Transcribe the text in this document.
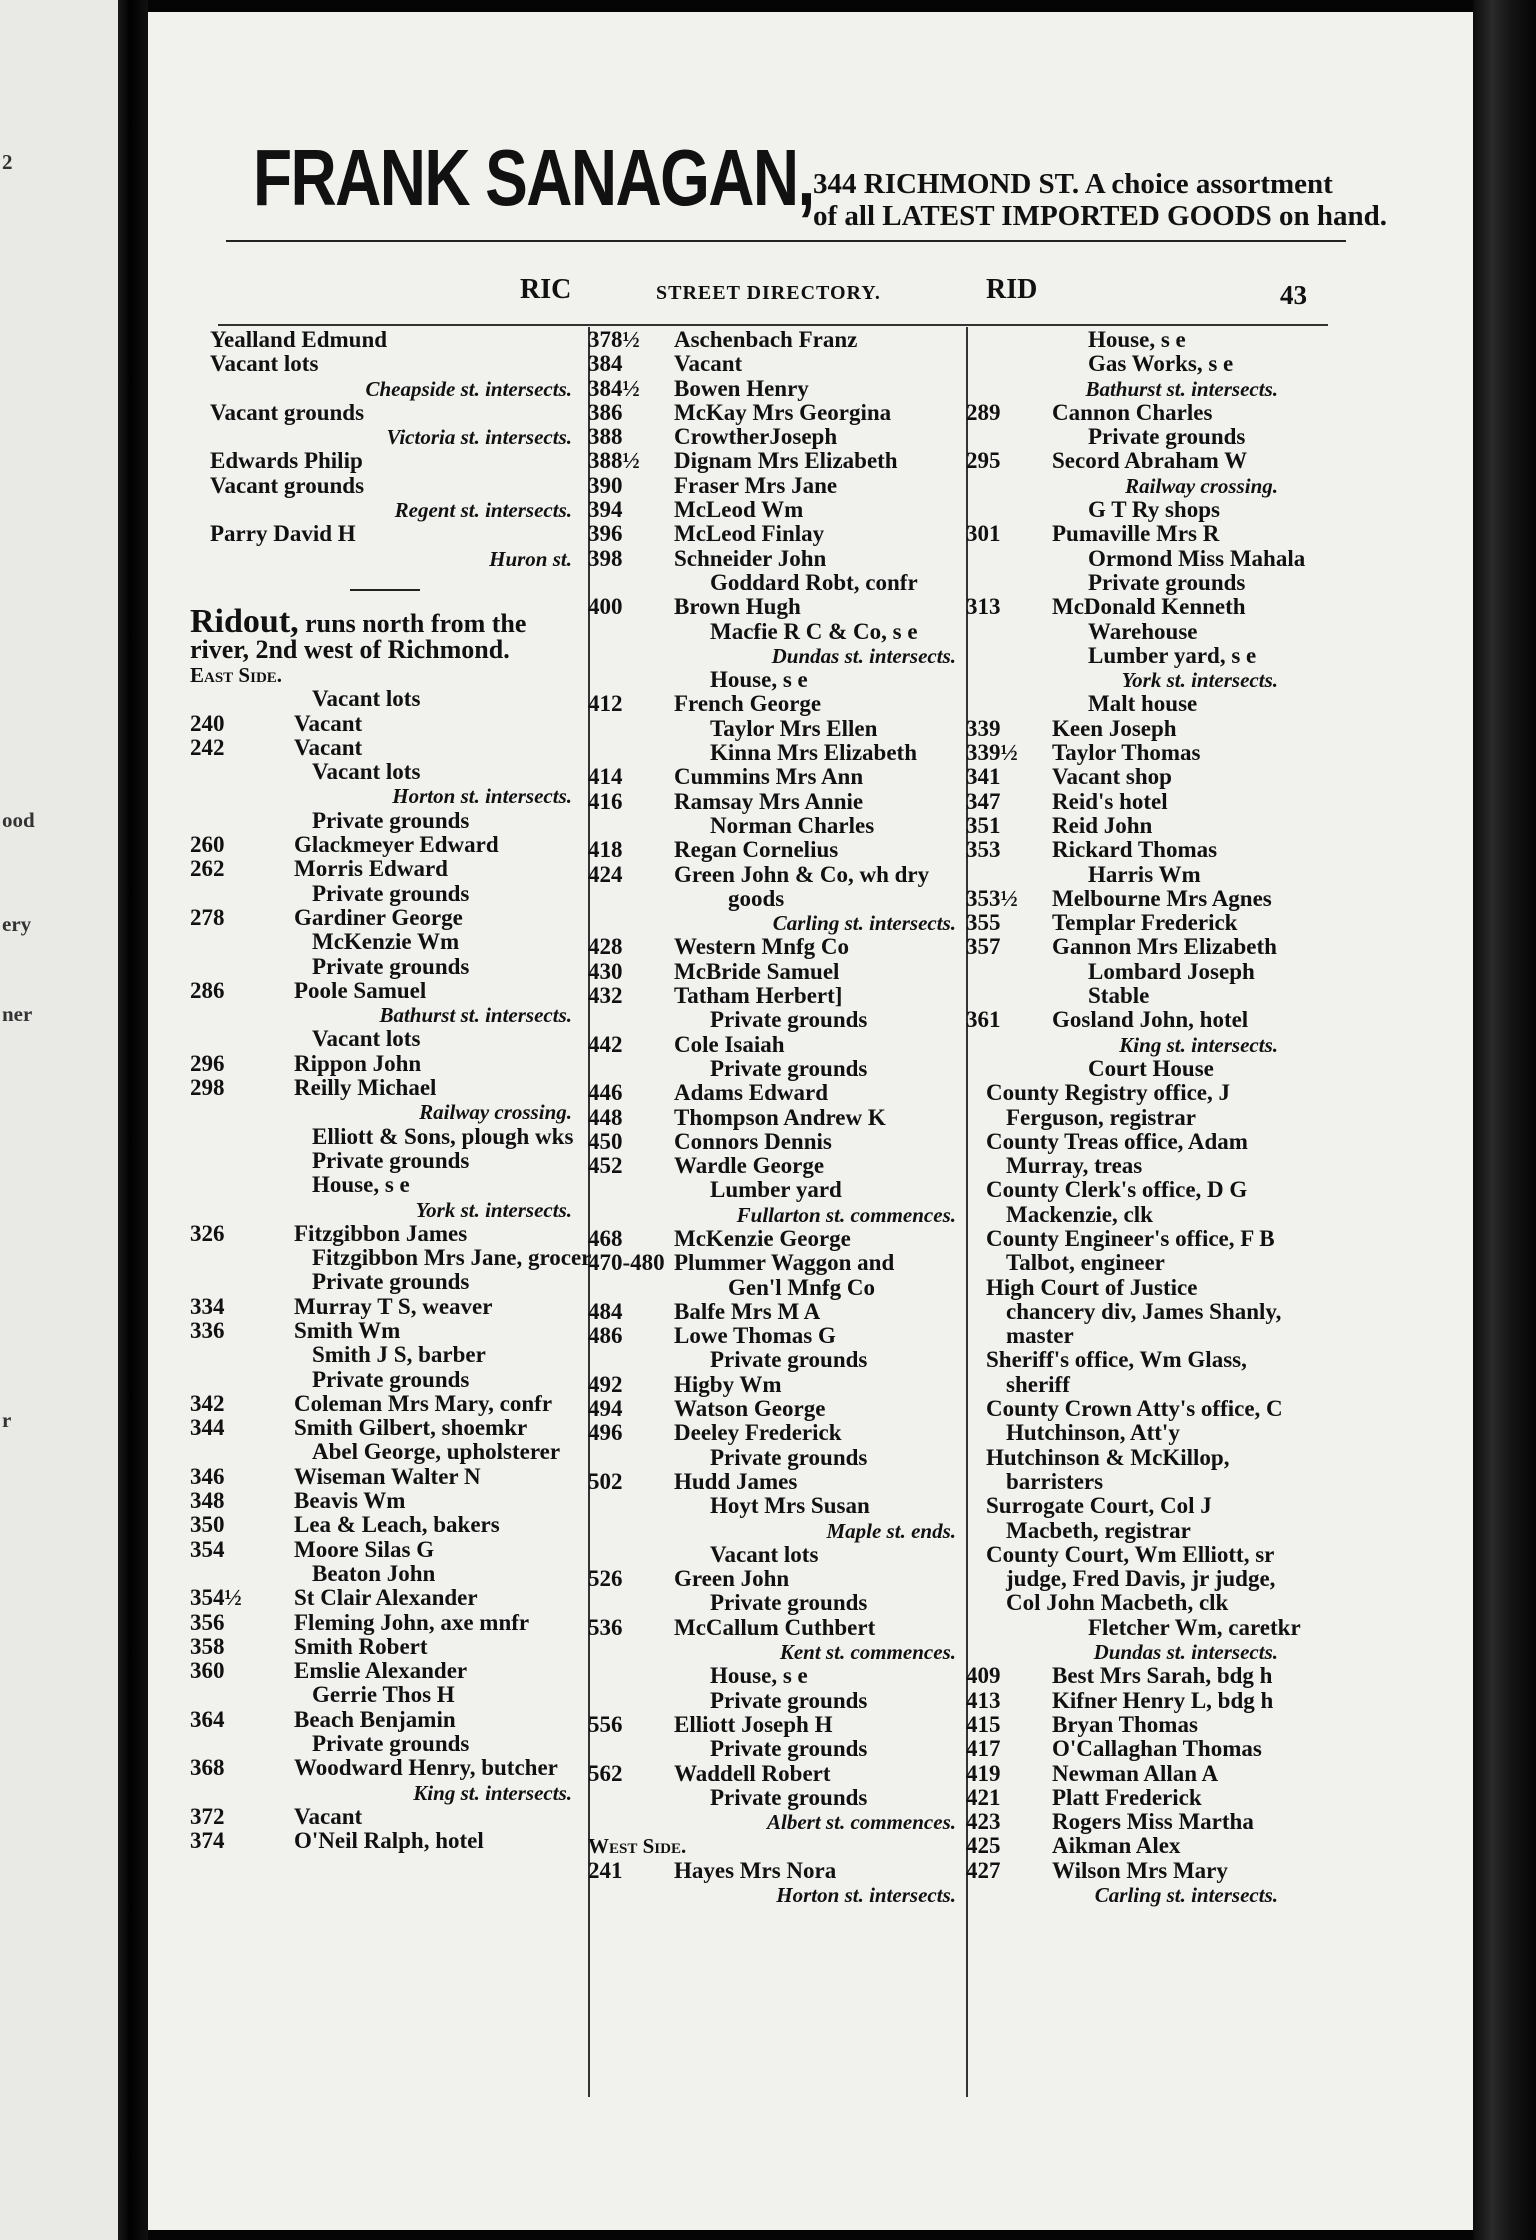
2
ood
ery
ner
r
FRANK SANAGAN, 344 RICHMOND ST. A choice assortment
of all LATEST IMPORTED GOODS on hand.
RIC	STREET DIRECTORY.	RID	43
Yealland Edmund
Vacant lots
Cheapside st. intersects.
Vacant grounds
Victoria st. intersects.
Edwards Philip
Vacant grounds
Regent st. intersects.
Parry David H
Huron st.
Ridout, runs north from the river, 2nd west of Richmond.
East Side.
Vacant lots
240	Vacant
242	Vacant
Vacant lots
Horton st. intersects.
Private grounds
260	Glackmeyer Edward
262	Morris Edward
Private grounds
278	Gardiner George
McKenzie Wm
Private grounds
286	Poole Samuel
Bathurst st. intersects.
Vacant lots
296	Rippon John
298	Reilly Michael
Railway crossing.
Elliott & Sons, plough wks
Private grounds
House, s e
York st. intersects.
326	Fitzgibbon James
Fitzgibbon Mrs Jane, grocer
Private grounds
334	Murray T S, weaver
336	Smith Wm
Smith J S, barber
Private grounds
342	Coleman Mrs Mary, confr
344	Smith Gilbert, shoemkr
Abel George, upholsterer
346	Wiseman Walter N
348	Beavis Wm
350	Lea & Leach, bakers
354	Moore Silas G
Beaton John
354½ St Clair Alexander
356	Fleming John, axe mnfr
358	Smith Robert
360	Emslie Alexander
Gerrie Thos H
364	Beach Benjamin
Private grounds
368	Woodward Henry, butcher
King st. intersects.
372	Vacant
374	O'Neil Ralph, hotel
378½ Aschenbach Franz
384 Vacant
384½ Bowen Henry
386 McKay Mrs Georgina
388 CrowtherJoseph
388½ Dignam Mrs Elizabeth
390 Fraser Mrs Jane
394 McLeod Wm
396 McLeod Finlay
398 Schneider John
Goddard Robt, confr
400 Brown Hugh
Macfie R C & Co, s e
Dundas st. intersects.
House, s e
412 French George
Taylor Mrs Ellen
Kinna Mrs Elizabeth
414 Cummins Mrs Ann
416 Ramsay Mrs Annie
Norman Charles
418 Regan Cornelius
424 Green John & Co, wh dry
goods
Carling st. intersects.
428 Western Mnfg Co
430 McBride Samuel
432 Tatham Herbert]
Private grounds
442 Cole Isaiah
Private grounds
446 Adams Edward
448 Thompson Andrew K
450 Connors Dennis
452 Wardle George
Lumber yard
Fullarton st. commences.
468 McKenzie George
470-480 Plummer Waggon and
Gen'l Mnfg Co
484 Balfe Mrs M A
486 Lowe Thomas G
Private grounds
492 Higby Wm
494 Watson George
496 Deeley Frederick
Private grounds
502 Hudd James
Hoyt Mrs Susan
Maple st. ends.
Vacant lots
526 Green John
Private grounds
536 McCallum Cuthbert
Kent st. commences.
House, s e
Private grounds
556 Elliott Joseph H
Private grounds
562 Waddell Robert
Private grounds
Albert st. commences.
West Side.
241 Hayes Mrs Nora
Horton st. intersects.
House, s e
Gas Works, s e
Bathurst st. intersects.
289 Cannon Charles
Private grounds
295 Secord Abraham W
Railway crossing.
G T Ry shops
301 Pumaville Mrs R
Ormond Miss Mahala
Private grounds
313 McDonald Kenneth
Warehouse
Lumber yard, s e
York st. intersects.
Malt house
339 Keen Joseph
339½ Taylor Thomas
341 Vacant shop
347 Reid's hotel
351 Reid John
353 Rickard Thomas
Harris Wm
353½ Melbourne Mrs Agnes
355 Templar Frederick
357 Gannon Mrs Elizabeth
Lombard Joseph
Stable
361 Gosland John, hotel
King st. intersects.
Court House
County Registry office, J Ferguson, registrar
County Treas office, Adam Murray, treas
County Clerk's office, D G Mackenzie, clk
County Engineer's office, F B Talbot, engineer
High Court of Justice chancery div, James Shanly, master
Sheriff's office, Wm Glass, sheriff
County Crown Atty's office, C Hutchinson, Att'y
Hutchinson & McKillop, barristers
Surrogate Court, Col J Macbeth, registrar
County Court, Wm Elliott, sr judge, Fred Davis, jr judge, Col John Macbeth, clk
Fletcher Wm, caretkr
Dundas st. intersects.
409 Best Mrs Sarah, bdg h
413 Kifner Henry L, bdg h
415 Bryan Thomas
417 O'Callaghan Thomas
419 Newman Allan A
421 Platt Frederick
423 Rogers Miss Martha
425 Aikman Alex
427 Wilson Mrs Mary
Carling st. intersects.
